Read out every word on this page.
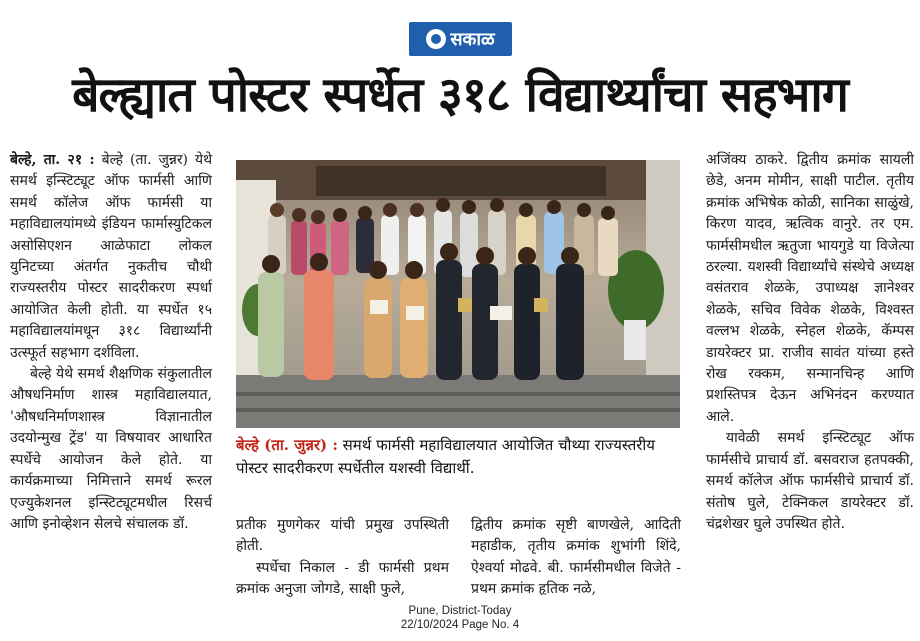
सकाळ
बेल्ह्यात पोस्टर स्पर्धेत ३१८ विद्यार्थ्यांचा सहभाग

बेल्हे, ता. २१ : बेल्हे (ता. जुन्नर) येथे समर्थ इन्स्टिट्यूट ऑफ फार्मसी आणि समर्थ कॉलेज ऑफ फार्मसी या महाविद्यालयांमध्ये इंडियन फार्मास्युटिकल असोसिएशन आळेफाटा लोकल युनिटच्या अंतर्गत नुकतीच चौथी राज्यस्तरीय पोस्टर सादरीकरण स्पर्धा आयोजित केली होती. या स्पर्धेत १५ महाविद्यालयांमधून ३१८ विद्यार्थ्यांनी उत्स्फूर्त सहभाग दर्शविला.

बेल्हे येथे समर्थ शैक्षणिक संकुलातील औषधनिर्माण शास्त्र महाविद्यालयात, 'औषधनिर्माणशास्त्र विज्ञानातील उदयोन्मुख ट्रेंड' या विषयावर आधारित स्पर्धेचे आयोजन केले होते. या कार्यक्रमाच्या निमित्ताने समर्थ रूरल एज्युकेशनल इन्स्टिट्यूटमधील रिसर्च आणि इनोव्हेशन सेलचे संचालक डॉ.

बेल्हे (ता. जुन्नर) : समर्थ फार्मसी महाविद्यालयात आयोजित चौथ्या राज्यस्तरीय पोस्टर सादरीकरण स्पर्धेतील यशस्वी विद्यार्थी.

प्रतीक मुणगेकर यांची प्रमुख उपस्थिती होती.

स्पर्धेचा निकाल - डी फार्मसी प्रथम क्रमांक अनुजा जोगडे, साक्षी फुले,

द्वितीय क्रमांक सृष्टी बाणखेले, आदिती महाडीक, तृतीय क्रमांक शुभांगी शिंदे, ऐश्वर्या मोढवे. बी. फार्मसीमधील विजेते - प्रथम क्रमांक हृतिक नळे,

अजिंक्य ठाकरे. द्वितीय क्रमांक सायली छेडे, अनम मोमीन, साक्षी पाटील. तृतीय क्रमांक अभिषेक कोळी, सानिका साळुंखे, किरण यादव, ऋत्विक वानुरे. तर एम. फार्मसीमधील ऋतुजा भायगुडे या विजेत्या ठरल्या. यशस्वी विद्यार्थ्यांचे संस्थेचे अध्यक्ष वसंतराव शेळके, उपाध्यक्ष ज्ञानेश्वर शेळके, सचिव विवेक शेळके, विश्वस्त वल्लभ शेळके, स्नेहल शेळके, कॅम्पस डायरेक्टर प्रा. राजीव सावंत यांच्या हस्ते रोख रक्कम, सन्मानचिन्ह आणि प्रशस्तिपत्र देऊन अभिनंदन करण्यात आले.

यावेळी समर्थ इन्स्टिट्यूट ऑफ फार्मसीचे प्राचार्य डॉ. बसवराज हतपक्की, समर्थ कॉलेज ऑफ फार्मसीचे प्राचार्य डॉ. संतोष घुले, टेक्निकल डायरेक्टर डॉ. चंद्रशेखर घुले उपस्थित होते.

Pune, District-Today
22/10/2024 Page No. 4
